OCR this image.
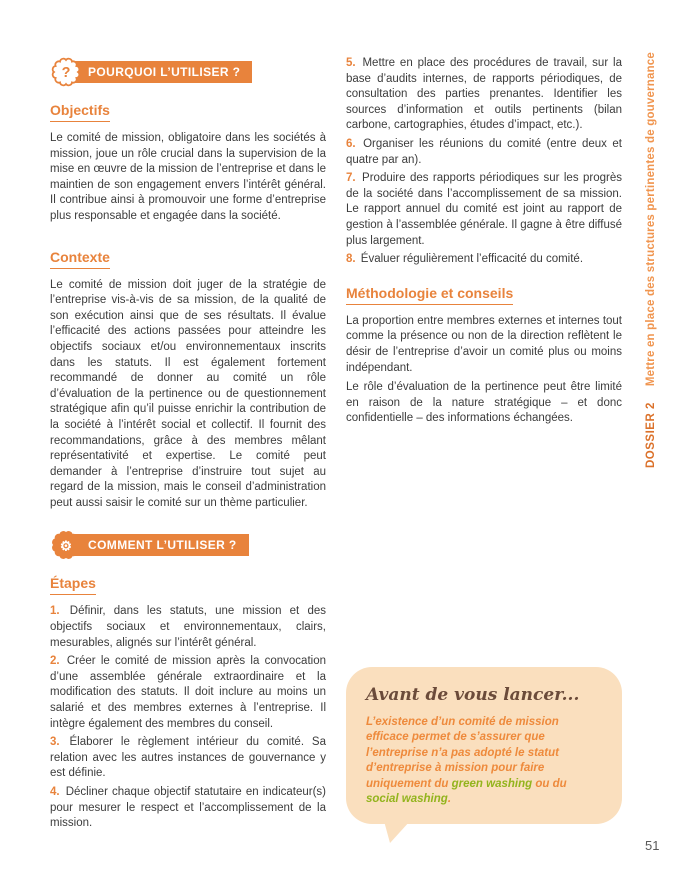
?	POURQUOI L’UTILISER ?
Objectifs

Le comité de mission, obligatoire dans les sociétés à mission, joue un rôle crucial dans la supervision de la mise en œuvre de la mission de l’entreprise et dans le maintien de son engagement envers l’intérêt général. Il contribue ainsi à promouvoir une forme d’entreprise plus responsable et engagée dans la société.

Contexte

Le comité de mission doit juger de la stratégie de l’entreprise vis-à-vis de sa mission, de la qualité de son exécution ainsi que de ses résultats. Il évalue l’efficacité des actions passées pour atteindre les objectifs sociaux et/ou environnementaux inscrits dans les statuts. Il est également fortement recommandé de donner au comité un rôle d’évaluation de la pertinence ou de questionnement stratégique afin qu’il puisse enrichir la contribution de la société à l’intérêt social et collectif. Il fournit des recommandations, grâce à des membres mêlant représentativité et expertise. Le comité peut demander à l’entreprise d’instruire tout sujet au regard de la mission, mais le conseil d’administration peut aussi saisir le comité sur un thème particulier.

⚙	COMMENT L’UTILISER ?
Étapes

1. Définir, dans les statuts, une mission et des objectifs sociaux et environnementaux, clairs, mesurables, alignés sur l’intérêt général.

2. Créer le comité de mission après la convocation d’une assemblée générale extraordinaire et la modification des statuts. Il doit inclure au moins un salarié et des membres externes à l’entreprise. Il intègre également des membres du conseil.

3. Élaborer le règlement intérieur du comité. Sa relation avec les autres instances de gouvernance y est définie.

4. Décliner chaque objectif statutaire en indicateur(s) pour mesurer le respect et l’accomplissement de la mission.

5. Mettre en place des procédures de travail, sur la base d’audits internes, de rapports périodiques, de consultation des parties prenantes. Identifier les sources d’information et outils pertinents (bilan carbone, cartographies, études d’impact, etc.).

6. Organiser les réunions du comité (entre deux et quatre par an).

7. Produire des rapports périodiques sur les progrès de la société dans l’accomplissement de sa mission. Le rapport annuel du comité est joint au rapport de gestion à l’assemblée générale. Il gagne à être diffusé plus largement.

8. Évaluer régulièrement l’efficacité du comité.

Méthodologie et conseils

La proportion entre membres externes et internes tout comme la présence ou non de la direction reflètent le désir de l’entreprise d’avoir un comité plus ou moins indépendant.

Le rôle d’évaluation de la pertinence peut être limité en raison de la nature stratégique – et donc confidentielle – des informations échangées.

Avant de vous lancer...

L’existence d’un comité de mission efficace permet de s’assurer que l’entreprise n’a pas adopté le statut d’entreprise à mission pour faire uniquement du green washing ou du social washing.

DOSSIER 2Mettre en place des structures pertinentes de gouvernance
51
